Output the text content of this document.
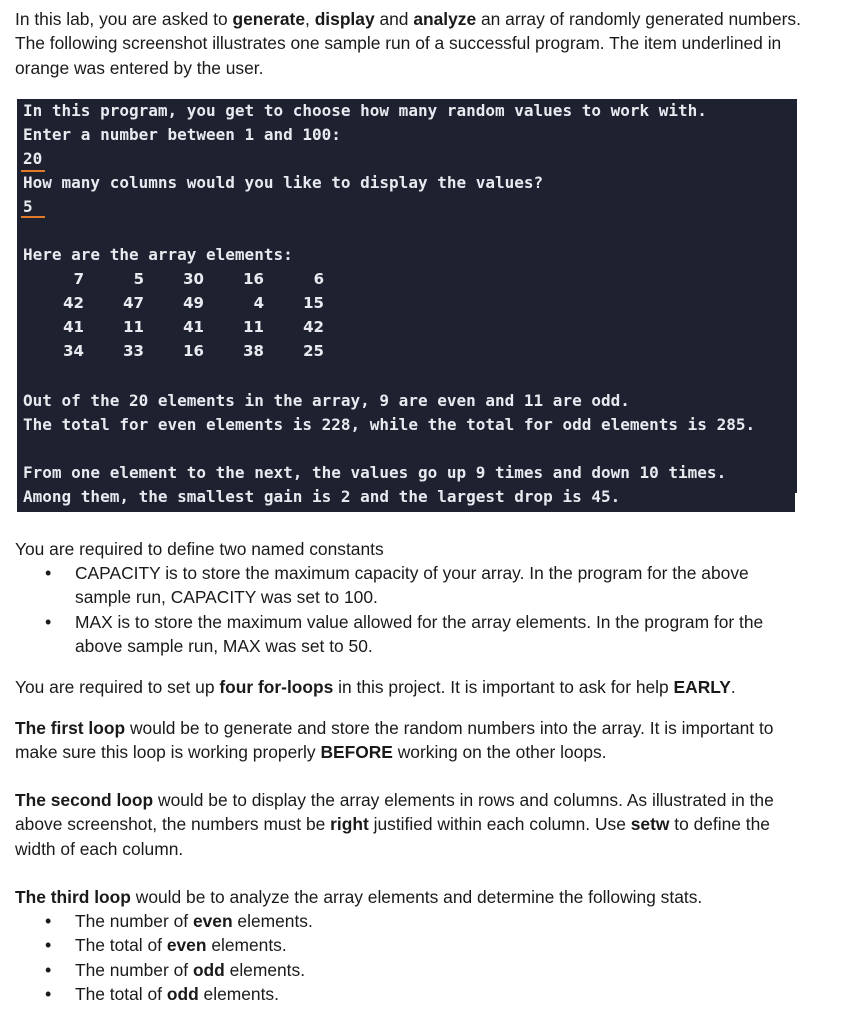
In this lab, you are asked to generate, display and analyze an array of randomly generated numbers. The following screenshot illustrates one sample run of a successful program. The item underlined in orange was entered by the user.

In this program, you get to choose how many random values to work with.
Enter a number between 1 and 100:
20
How many columns would you like to display the values?
5
Here are the array elements:
7	5	30	16	6
42	47	49	4	15
41	11	41	11	42
34	33	16	38	25
Out of the 20 elements in the array, 9 are even and 11 are odd.
The total for even elements is 228, while the total for odd elements is 285.
From one element to the next, the values go up 9 times and down 10 times.
Among them, the smallest gain is 2 and the largest drop is 45.

You are required to define two named constants

• CAPACITY is to store the maximum capacity of your array. In the program for the above sample run, CAPACITY was set to 100.
• MAX is to store the maximum value allowed for the array elements. In the program for the above sample run, MAX was set to 50.

You are required to set up four for-loops in this project. It is important to ask for help EARLY.

The first loop would be to generate and store the random numbers into the array. It is important to make sure this loop is working properly BEFORE working on the other loops.

The second loop would be to display the array elements in rows and columns. As illustrated in the above screenshot, the numbers must be right justified within each column. Use setw to define the width of each column.

The third loop would be to analyze the array elements and determine the following stats.

• The number of even elements.
• The total of even elements.
• The number of odd elements.
• The total of odd elements.
